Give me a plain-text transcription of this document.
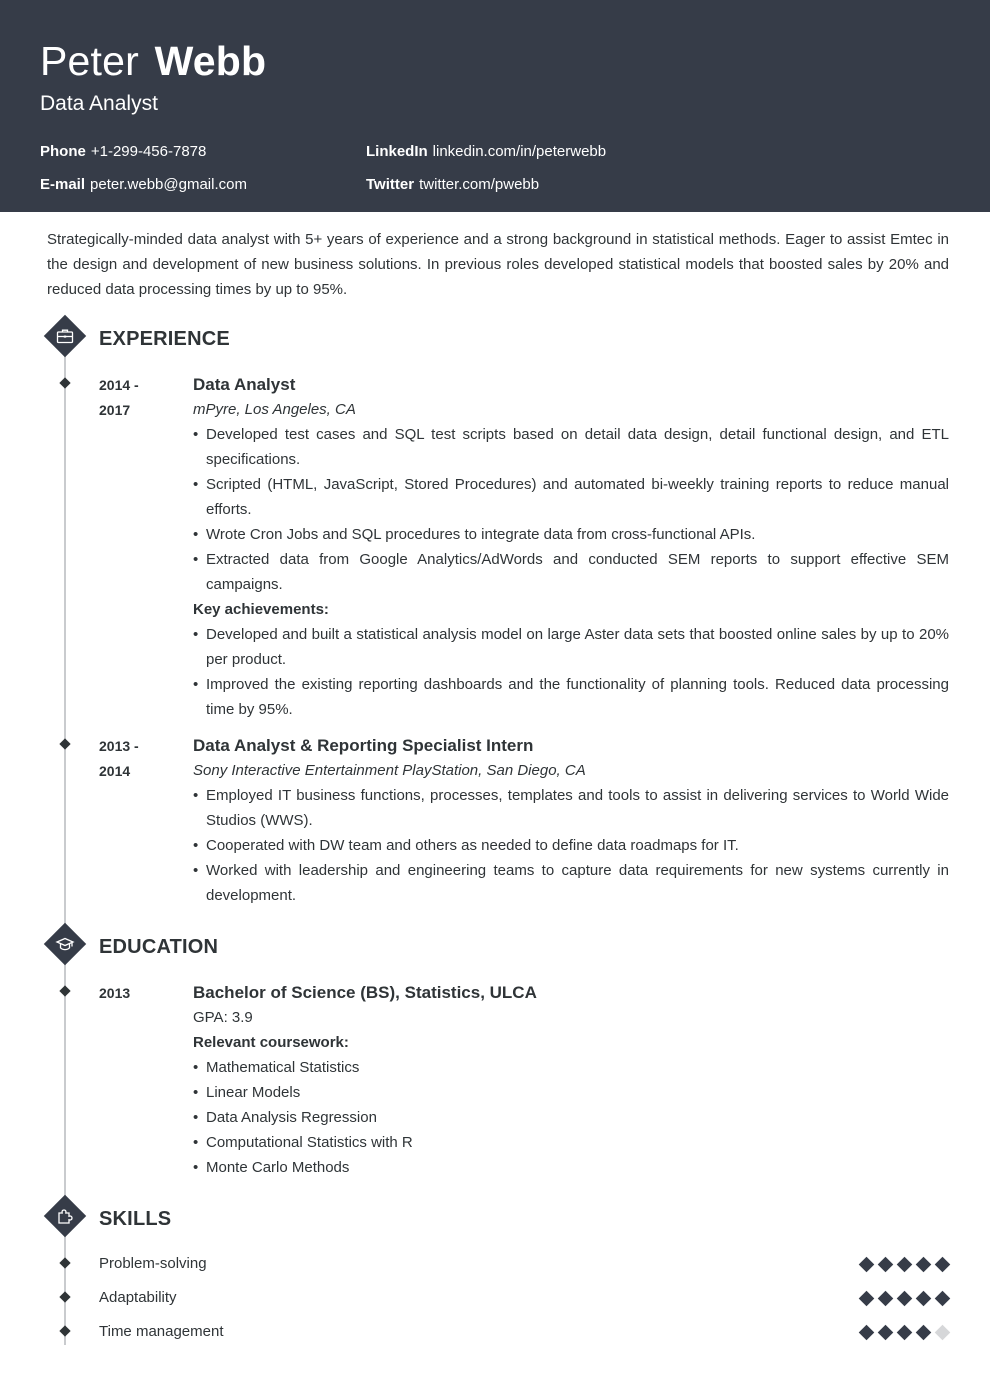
Peter Webb
Data Analyst
Phone +1-299-456-7878
E-mail peter.webb@gmail.com
LinkedIn linkedin.com/in/peterwebb
Twitter twitter.com/pwebb
Strategically-minded data analyst with 5+ years of experience and a strong background in statistical methods. Eager to assist Emtec in the design and development of new business solutions. In previous roles developed statistical models that boosted sales by 20% and reduced data processing times by up to 95%.
EXPERIENCE
2014 -
2017
Data Analyst
mPyre, Los Angeles, CA
• Developed test cases and SQL test scripts based on detail data design, detail functional design, and ETL specifications.
• Scripted (HTML, JavaScript, Stored Procedures) and automated bi-weekly training reports to reduce manual efforts.
• Wrote Cron Jobs and SQL procedures to integrate data from cross-functional APIs.
• Extracted data from Google Analytics/AdWords and conducted SEM reports to support effective SEM campaigns.
Key achievements:
• Developed and built a statistical analysis model on large Aster data sets that boosted online sales by up to 20% per product.
• Improved the existing reporting dashboards and the functionality of planning tools. Reduced data processing time by 95%.
2013 -
2014
Data Analyst & Reporting Specialist Intern
Sony Interactive Entertainment PlayStation, San Diego, CA
• Employed IT business functions, processes, templates and tools to assist in delivering services to World Wide Studios (WWS).
• Cooperated with DW team and others as needed to define data roadmaps for IT.
• Worked with leadership and engineering teams to capture data requirements for new systems currently in development.
EDUCATION
2013	Bachelor of Science (BS), Statistics, ULCA
GPA: 3.9
Relevant coursework:
• Mathematical Statistics
• Linear Models
• Data Analysis Regression
• Computational Statistics with R
• Monte Carlo Methods
SKILLS
Problem-solving
Adaptability
Time management
